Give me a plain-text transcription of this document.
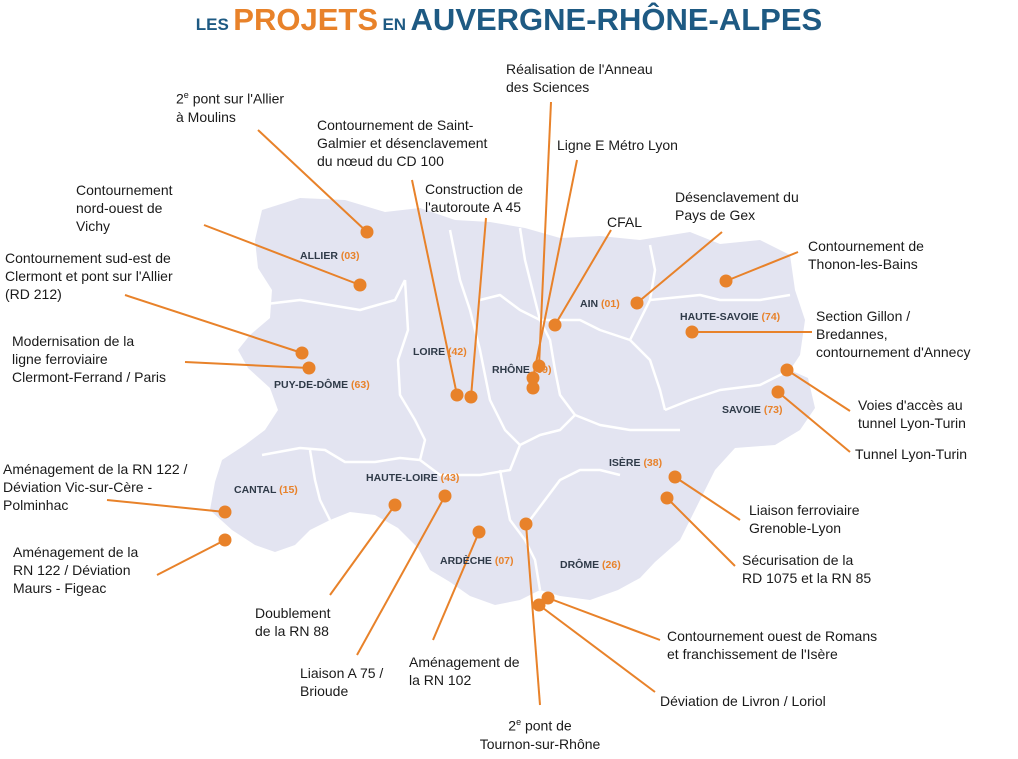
LES PROJETS EN AUVERGNE-RHÔNE-ALPES
ALLIER (03)
PUY-DE-DÔME (63)
CANTAL (15)
HAUTE-LOIRE (43)
LOIRE (42)
RHÔNE (69)
AIN (01)
HAUTE-SAVOIE (74)
SAVOIE (73)
ISÈRE (38)
DRÔME (26)
ARDÈCHE (07)
2e pont sur l'Allier
à Moulins
Contournement
nord-ouest de
Vichy
Contournement sud-est de
Clermont et pont sur l'Allier
(RD 212)
Modernisation de la
ligne ferroviaire
Clermont-Ferrand / Paris
Aménagement de la RN 122 /
Déviation Vic-sur-Cère -
Polminhac
Aménagement de la
RN 122 / Déviation
Maurs - Figeac
Doublement
de la RN 88
Liaison A 75 /
Brioude
Aménagement de
la RN 102
2e pont de
Tournon-sur-Rhône
Déviation de Livron / Loriol
Contournement ouest de Romans
et franchissement de l'Isère
Sécurisation de la
RD 1075 et la RN 85
Liaison ferroviaire
Grenoble-Lyon
Tunnel Lyon-Turin
Voies d'accès au
tunnel Lyon-Turin
Section Gillon /
Bredannes,
contournement d'Annecy
Contournement de
Thonon-les-Bains
Désenclavement du
Pays de Gex
CFAL
Ligne E Métro Lyon
Réalisation de l'Anneau
des Sciences
Construction de
l'autoroute A 45
Contournement de Saint-
Galmier et désenclavement
du nœud du CD 100
